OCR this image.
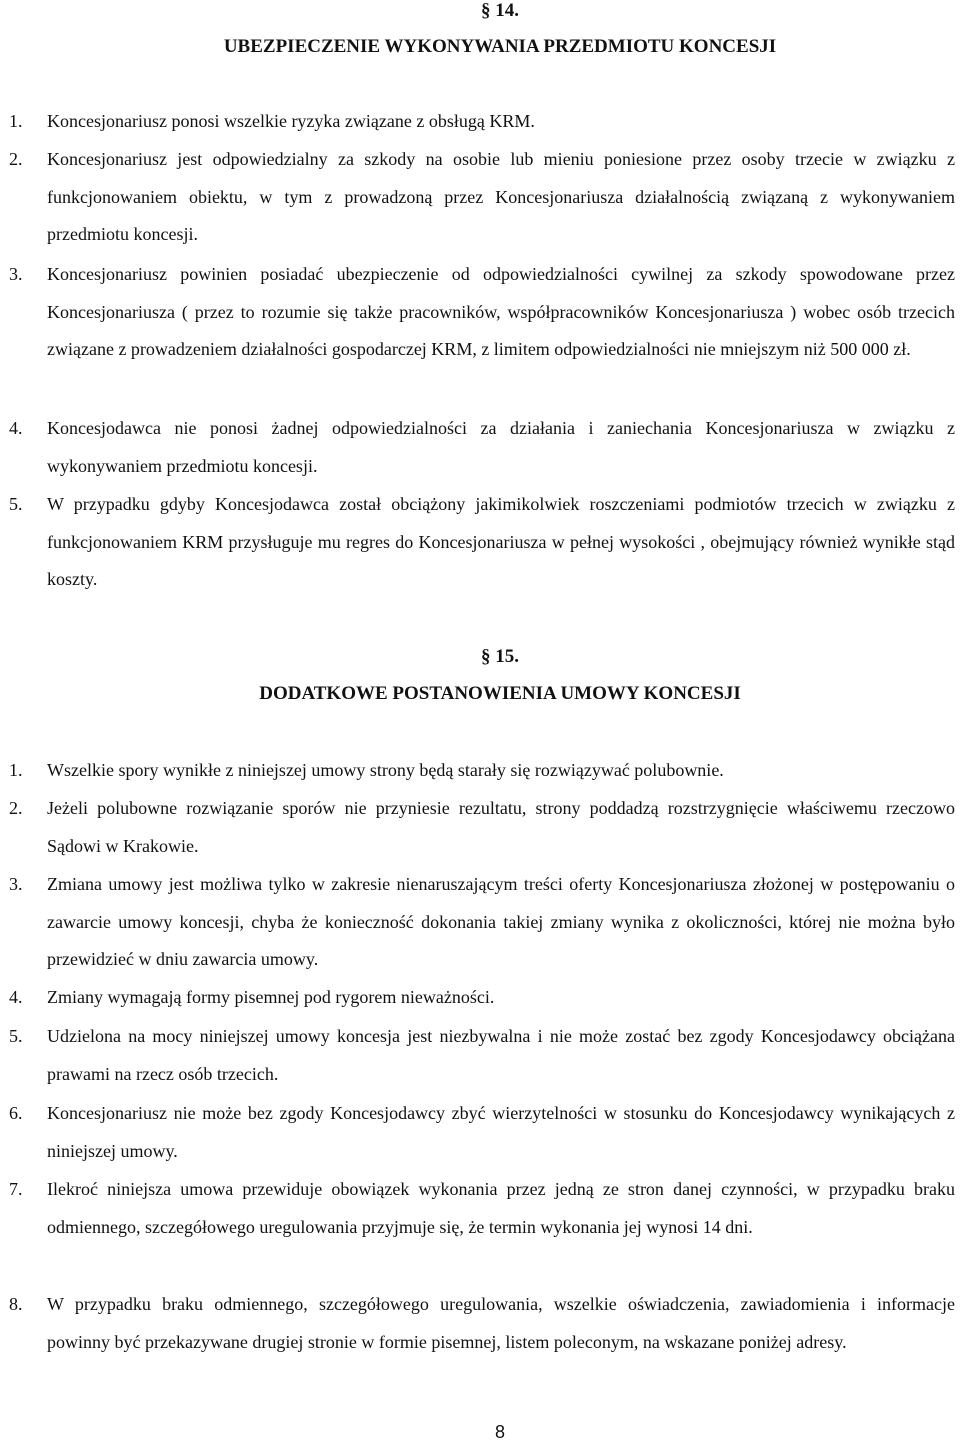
§ 14.
UBEZPIECZENIE WYKONYWANIA PRZEDMIOTU KONCESJI
1. Koncesjonariusz ponosi wszelkie ryzyka związane z obsługą KRM.
2. Koncesjonariusz jest odpowiedzialny za szkody na osobie lub mieniu poniesione przez osoby trzecie w związku z funkcjonowaniem obiektu, w tym z prowadzoną przez Koncesjonariusza działalnością związaną z wykonywaniem przedmiotu koncesji.
3. Koncesjonariusz powinien posiadać ubezpieczenie od odpowiedzialności cywilnej za szkody spowodowane przez Koncesjonariusza ( przez to rozumie się także pracowników, współpracowników Koncesjonariusza ) wobec osób trzecich związane z prowadzeniem działalności gospodarczej KRM, z limitem odpowiedzialności nie mniejszym niż 500 000 zł.
4. Koncesjodawca nie ponosi żadnej odpowiedzialności za działania i zaniechania Koncesjonariusza w związku z wykonywaniem przedmiotu koncesji.
5. W przypadku gdyby Koncesjodawca został obciążony jakimikolwiek roszczeniami podmiotów trzecich w związku z funkcjonowaniem KRM przysługuje mu regres do Koncesjonariusza w pełnej wysokości , obejmujący również wynikłe stąd koszty.
§ 15.
DODATKOWE POSTANOWIENIA UMOWY KONCESJI
1. Wszelkie spory wynikłe z niniejszej umowy strony będą starały się rozwiązywać polubownie.
2. Jeżeli polubowne rozwiązanie sporów nie przyniesie rezultatu, strony poddadzą rozstrzygnięcie właściwemu rzeczowo Sądowi w Krakowie.
3. Zmiana umowy jest możliwa tylko w zakresie nienaruszającym treści oferty Koncesjonariusza złożonej w postępowaniu o zawarcie umowy koncesji, chyba że konieczność dokonania takiej zmiany wynika z okoliczności, której nie można było przewidzieć w dniu zawarcia umowy.
4. Zmiany wymagają formy pisemnej pod rygorem nieważności.
5. Udzielona na mocy niniejszej umowy koncesja jest niezbywalna i nie może zostać bez zgody Koncesjodawcy obciążana prawami na rzecz osób trzecich.
6. Koncesjonariusz nie może bez zgody Koncesjodawcy zbyć wierzytelności w stosunku do Koncesjodawcy wynikających z niniejszej umowy.
7. Ilekroć niniejsza umowa przewiduje obowiązek wykonania przez jedną ze stron danej czynności, w przypadku braku odmiennego, szczegółowego uregulowania przyjmuje się, że termin wykonania jej wynosi 14 dni.
8. W przypadku braku odmiennego, szczegółowego uregulowania, wszelkie oświadczenia, zawiadomienia i informacje powinny być przekazywane drugiej stronie w formie pisemnej, listem poleconym, na wskazane poniżej adresy.
8
